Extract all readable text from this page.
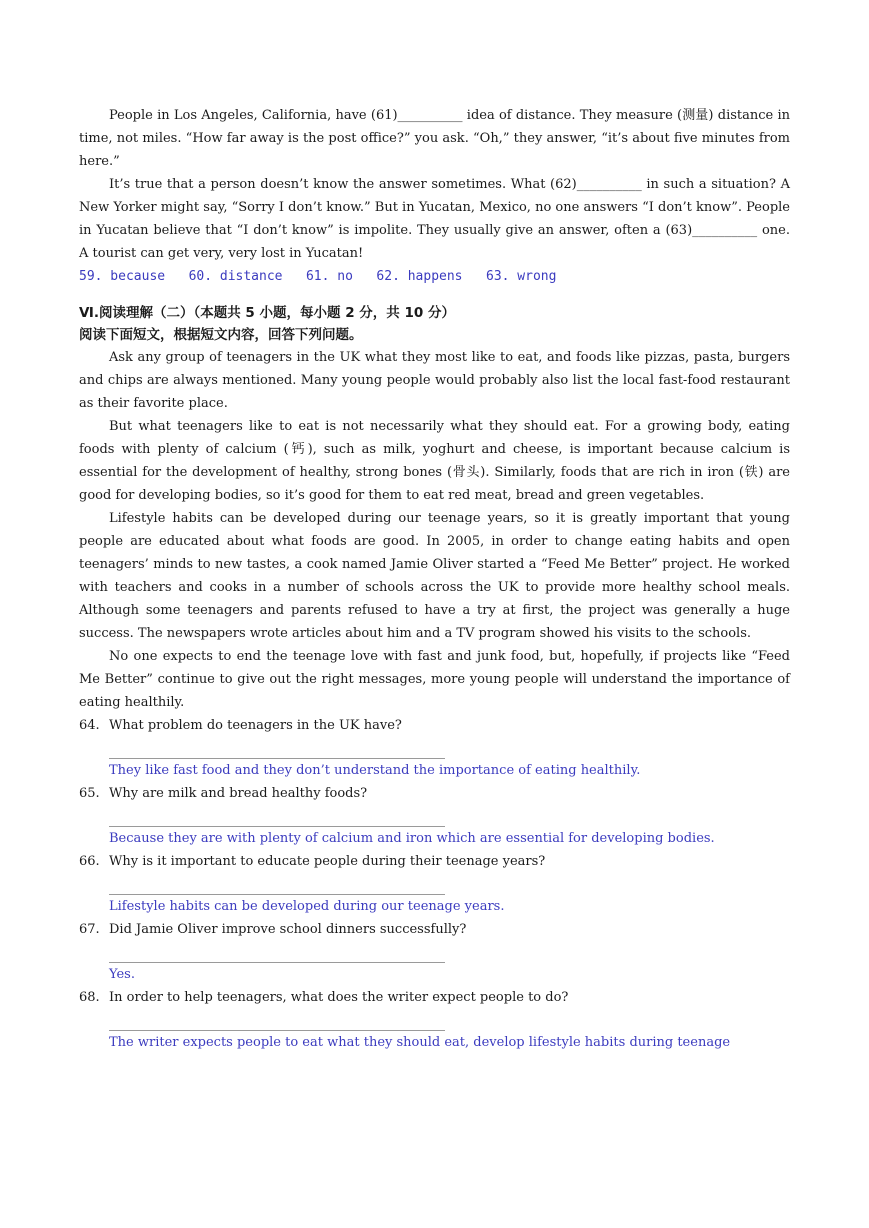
People in Los Angeles, California, have (61)__________ idea of distance. They measure (测量) distance in time, not miles. “How far away is the post office?” you ask. “Oh,” they answer, “it’s about five minutes from here.”

It’s true that a person doesn’t know the answer sometimes. What (62)__________ in such a situation? A New Yorker might say, “Sorry I don’t know.” But in Yucatan, Mexico, no one answers “I don’t know”. People in Yucatan believe that “I don’t know” is impolite. They usually give an answer, often a (63)__________ one. A tourist can get very, very lost in Yucatan!

59. because   60. distance   61. no   62. happens   63. wrong

Ⅵ.阅读理解（二）（本题共 5 小题，每小题 2 分，共 10 分）

阅读下面短文，根据短文内容，回答下列问题。

Ask any group of teenagers in the UK what they most like to eat, and foods like pizzas, pasta, burgers and chips are always mentioned. Many young people would probably also list the local fast-food restaurant as their favorite place.

But what teenagers like to eat is not necessarily what they should eat. For a growing body, eating foods with plenty of calcium (钙), such as milk, yoghurt and cheese, is important because calcium is essential for the development of healthy, strong bones (骨头). Similarly, foods that are rich in iron (铁) are good for developing bodies, so it’s good for them to eat red meat, bread and green vegetables.

Lifestyle habits can be developed during our teenage years, so it is greatly important that young people are educated about what foods are good. In 2005, in order to change eating habits and open teenagers’ minds to new tastes, a cook named Jamie Oliver started a “Feed Me Better” project. He worked with teachers and cooks in a number of schools across the UK to provide more healthy school meals. Although some teenagers and parents refused to have a try at first, the project was generally a huge success. The newspapers wrote articles about him and a TV program showed his visits to the schools.

No one expects to end the teenage love with fast and junk food, but, hopefully, if projects like “Feed Me Better” continue to give out the right messages, more young people will understand the importance of eating healthily.

64. What problem do teenagers in the UK have?

They like fast food and they don’t understand the importance of eating healthily.

65. Why are milk and bread healthy foods?

Because they are with plenty of calcium and iron which are essential for developing bodies.

66. Why is it important to educate people during their teenage years?

Lifestyle habits can be developed during our teenage years.

67. Did Jamie Oliver improve school dinners successfully?

Yes.

68. In order to help teenagers, what does the writer expect people to do?

The writer expects people to eat what they should eat, develop lifestyle habits during teenage
